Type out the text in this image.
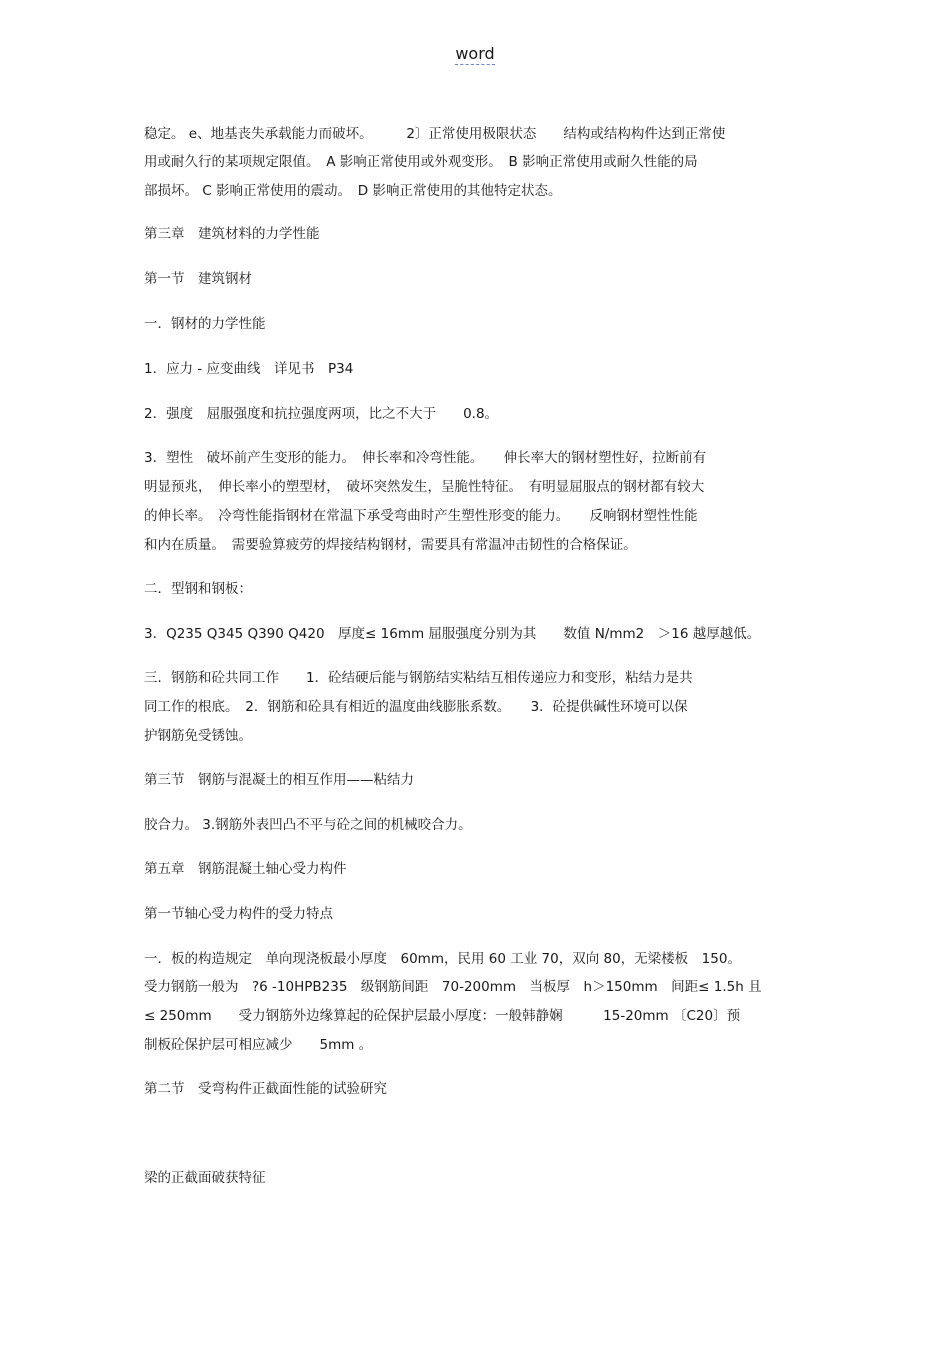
word
稳定。 e、地基丧失承载能力而破坏。　　　2〕正常使用极限状态　　结构或结构构件达到正常使
用或耐久行的某项规定限值。　A 影响正常使用或外观变形。　B 影响正常使用或耐久性能的局
部损坏。 C 影响正常使用的震动。　D 影响正常使用的其他特定状态。
第三章　建筑材料的力学性能
第一节　建筑钢材
一．钢材的力学性能
1．应力 - 应变曲线　详见书　P34
2．强度　屈服强度和抗拉强度两项，比之不大于　　0.8。
3．塑性　破坏前产生变形的能力。　伸长率和冷弯性能。　　伸长率大的钢材塑性好，拉断前有
明显预兆，　伸长率小的塑型材，　破坏突然发生，呈脆性特征。　有明显屈服点的钢材都有较大
的伸长率。　冷弯性能指钢材在常温下承受弯曲时产生塑性形变的能力。　　反响钢材塑性性能
和内在质量。　需要验算疲劳的焊接结构钢材，需要具有常温冲击韧性的合格保证。
二．型钢和钢板：
3．Q235 Q345 Q390 Q420　厚度≤ 16mm 屈服强度分别为其　　数值 N/mm2　＞16 越厚越低。
三．钢筋和砼共同工作　　1．砼结硬后能与钢筋结实粘结互相传递应力和变形，粘结力是共
同工作的根底。　2．钢筋和砼具有相近的温度曲线膨胀系数。　　3．砼提供碱性环境可以保
护钢筋免受锈蚀。
第三节　钢筋与混凝土的相互作用——粘结力
胶合力。 3.钢筋外表凹凸不平与砼之间的机械咬合力。
第五章　钢筋混凝土轴心受力构件
第一节轴心受力构件的受力特点
一．板的构造规定　单向现浇板最小厚度　60mm，民用 60 工业 70，双向 80，无梁楼板　150。
受力钢筋一般为　?6 -10HPB235　级钢筋间距　70-200mm　当板厚　h＞150mm　间距≤ 1.5h 且
≤ 250mm　　受力钢筋外边缘算起的砼保护层最小厚度：一般韩静娴　　　15-20mm 〔C20〕预
制板砼保护层可相应减少　　5mm 。
第二节　受弯构件正截面性能的试验研究
梁的正截面破获特征
